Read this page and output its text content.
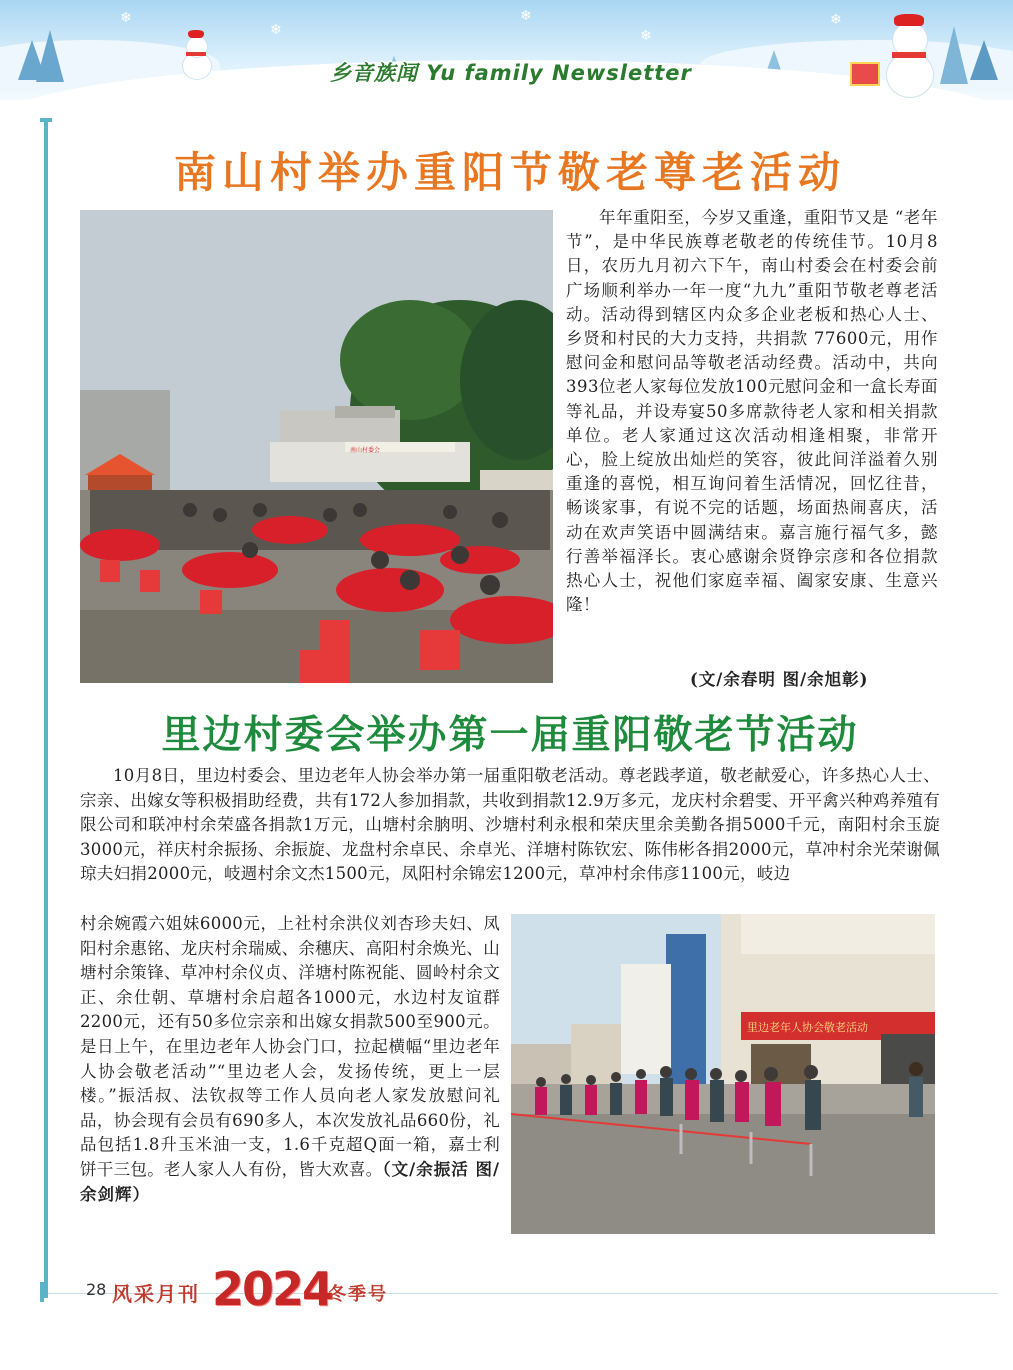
❄
❄
❄
❄
❄
乡音族闻 Yu family Newsletter
南山村举办重阳节敬老尊老活动
南山村委会

年年重阳至，今岁又重逢，重阳节又是 “老年节”，是中华民族尊老敬老的传统佳节。10月8日，农历九月初六下午，南山村委会在村委会前广场顺利举办一年一度“九九”重阳节敬老尊老活动。活动得到辖区内众多企业老板和热心人士、乡贤和村民的大力支持，共捐款 77600元，用作慰问金和慰问品等敬老活动经费。活动中，共向393位老人家每位发放100元慰问金和一盒长寿面等礼品，并设寿宴50多席款待老人家和相关捐款单位。老人家通过这次活动相逢相聚，非常开心，脸上绽放出灿烂的笑容，彼此间洋溢着久别重逢的喜悦，相互询问着生活情况，回忆往昔，畅谈家事，有说不完的话题，场面热闹喜庆，活动在欢声笑语中圆满结束。嘉言施行福气多，懿行善举福泽长。衷心感谢余贤铮宗彦和各位捐款热心人士，祝他们家庭幸福、阖家安康、生意兴隆！

(文/余春明 图/余旭彰)
里边村委会举办第一届重阳敬老节活动

10月8日，里边村委会、里边老年人协会举办第一届重阳敬老活动。尊老践孝道，敬老献爱心，许多热心人士、宗亲、出嫁女等积极捐助经费，共有172人参加捐款，共收到捐款12.9万多元，龙庆村余碧雯、开平禽兴种鸡养殖有限公司和联冲村余荣盛各捐款1万元，山塘村余朒明、沙塘村利永根和荣庆里余美勤各捐5000千元，南阳村余玉旋3000元，祥庆村余振扬、余振旋、龙盘村余卓民、余卓光、洋塘村陈钦宏、陈伟彬各捐2000元，草冲村余光荣谢佩琼夫妇捐2000元，岐週村余文杰1500元，凤阳村余锦宏1200元，草冲村余伟彦1100元，岐边

村余婉霞六姐妹6000元，上社村余洪仪刘杏珍夫妇、凤阳村余惠铭、龙庆村余瑞威、余穗庆、高阳村余焕光、山塘村余策锋、草冲村余仪贞、洋塘村陈祝能、圆岭村余文正、余仕朝、草塘村余启超各1000元，水边村友谊群2200元，还有50多位宗亲和出嫁女捐款500至900元。是日上午，在里边老年人协会门口，拉起横幅“里边老年人协会敬老活动”“里边老人会，发扬传统，更上一层楼。”振活叔、法钦叔等工作人员向老人家发放慰问礼品，协会现有会员有690多人，本次发放礼品660份，礼品包括1.8升玉米油一支，1.6千克超Q面一箱，嘉士利饼干三包。老人家人人有份，皆大欢喜。（文/余振活 图/余剑辉）

里边老年人协会敬老活动
28 风采月刊 2024
冬季号
